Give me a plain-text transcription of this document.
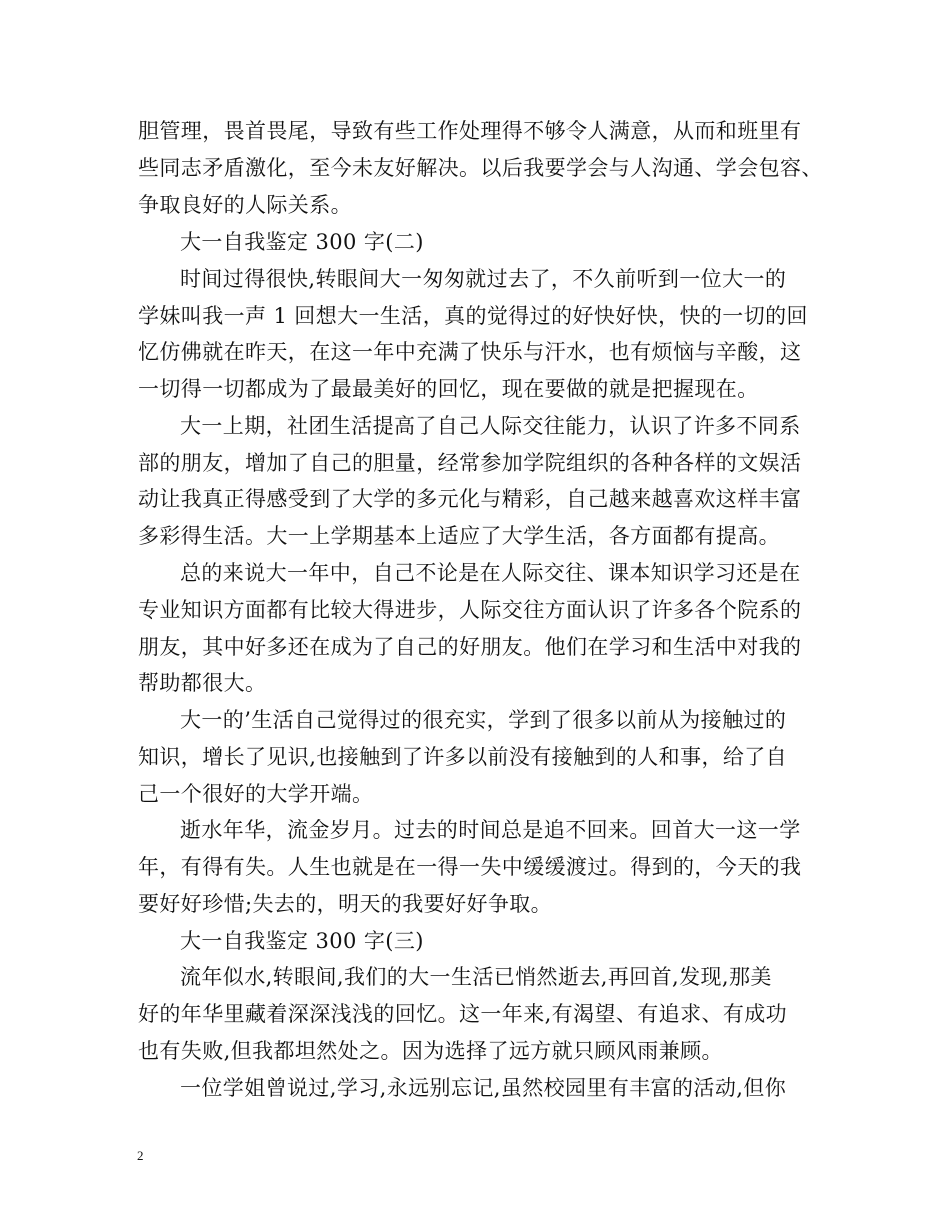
胆管理，畏首畏尾，导致有些工作处理得不够令人满意，从而和班里有
些同志矛盾激化，至今未友好解决。以后我要学会与人沟通、学会包容、
争取良好的人际关系。
大一自我鉴定 300 字(二)
时间过得很快,转眼间大一匆匆就过去了，不久前听到一位大一的
学妹叫我一声 1 回想大一生活，真的觉得过的好快好快，快的一切的回
忆仿佛就在昨天，在这一年中充满了快乐与汗水，也有烦恼与辛酸，这
一切得一切都成为了最最美好的回忆，现在要做的就是把握现在。
大一上期，社团生活提高了自己人际交往能力，认识了许多不同系
部的朋友，增加了自己的胆量，经常参加学院组织的各种各样的文娱活
动让我真正得感受到了大学的多元化与精彩，自己越来越喜欢这样丰富
多彩得生活。大一上学期基本上适应了大学生活，各方面都有提高。
总的来说大一年中，自己不论是在人际交往、课本知识学习还是在
专业知识方面都有比较大得进步，人际交往方面认识了许多各个院系的
朋友，其中好多还在成为了自己的好朋友。他们在学习和生活中对我的
帮助都很大。
大一的’生活自己觉得过的很充实，学到了很多以前从为接触过的
知识，增长了见识,也接触到了许多以前没有接触到的人和事，给了自
己一个很好的大学开端。
逝水年华，流金岁月。过去的时间总是追不回来。回首大一这一学
年，有得有失。人生也就是在一得一失中缓缓渡过。得到的，今天的我
要好好珍惜;失去的，明天的我要好好争取。
大一自我鉴定 300 字(三)
流年似水,转眼间,我们的大一生活已悄然逝去,再回首,发现,那美
好的年华里藏着深深浅浅的回忆。这一年来,有渴望、有追求、有成功
也有失败,但我都坦然处之。因为选择了远方就只顾风雨兼顾。
一位学姐曾说过,学习,永远别忘记,虽然校园里有丰富的活动,但你
2
